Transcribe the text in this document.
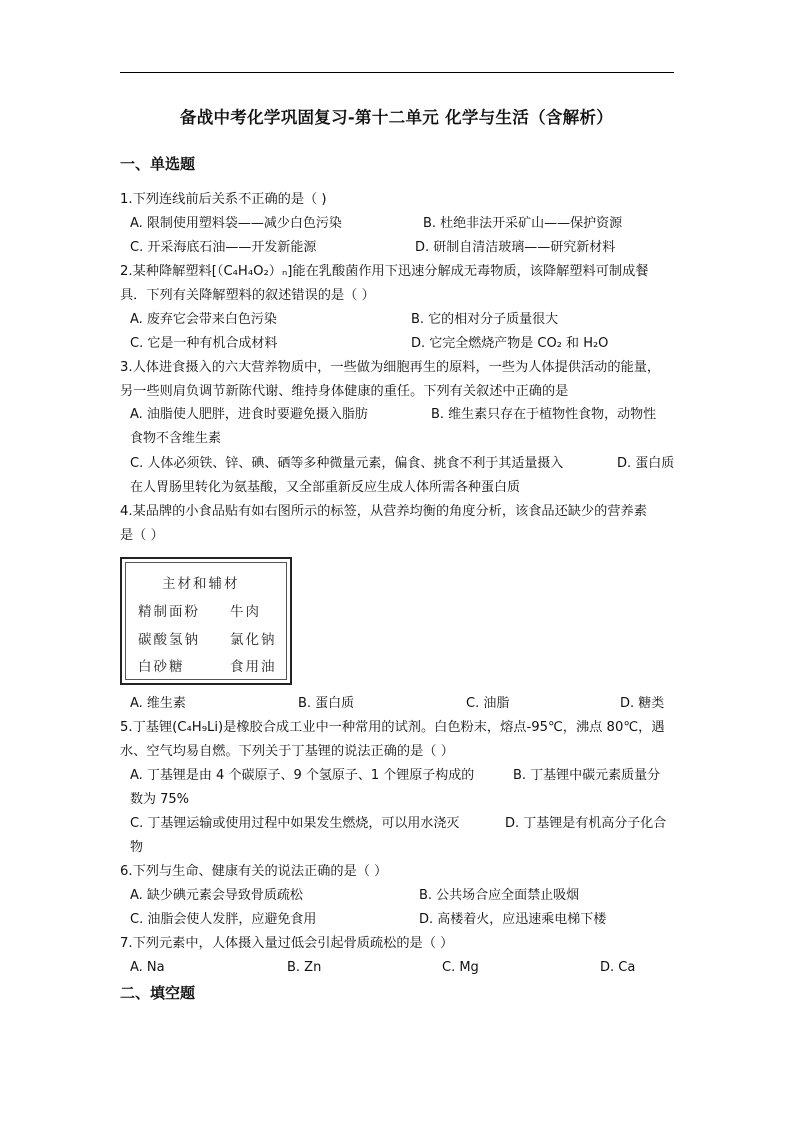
备战中考化学巩固复习-第十二单元 化学与生活（含解析）
一、单选题
1.下列连线前后关系不正确的是（ )
A. 限制使用塑料袋——减少白色污染	B. 杜绝非法开采矿山——保护资源
C. 开采海底石油——开发新能源	D. 研制自清洁玻璃——研究新材料
2.某种降解塑料[（C₄H₄O₂）ₙ]能在乳酸菌作用下迅速分解成无毒物质，该降解塑料可制成餐
具．下列有关降解塑料的叙述错误的是（ ）
A. 废弃它会带来白色污染	B. 它的相对分子质量很大
C. 它是一种有机合成材料	D. 它完全燃烧产物是 CO₂ 和 H₂O
3.人体进食摄入的六大营养物质中，一些做为细胞再生的原料，一些为人体提供活动的能量，
另一些则肩负调节新陈代谢、维持身体健康的重任。下列有关叙述中正确的是
A. 油脂使人肥胖，进食时要避免摄入脂肪	B. 维生素只存在于植物性食物，动物性
食物不含维生素
C. 人体必须铁、锌、碘、硒等多种微量元素，偏食、挑食不利于其适量摄入	D. 蛋白质
在人胃肠里转化为氨基酸，又全部重新反应生成人体所需各种蛋白质
4.某品牌的小食品贴有如右图所示的标签，从营养均衡的角度分析，该食品还缺少的营养素
是（ ）
主材和辅材
精制面粉 牛肉
碳酸氢钠 氯化钠
白砂糖	食用油
A. 维生素	B. 蛋白质	C. 油脂	D. 糖类
5.丁基锂(C₄H₉Li)是橡胶合成工业中一种常用的试剂。白色粉末，熔点-95℃，沸点 80℃，遇
水、空气均易自燃。下列关于丁基锂的说法正确的是（ ）
A. 丁基锂是由 4 个碳原子、9 个氢原子、1 个锂原子构成的	B. 丁基锂中碳元素质量分
数为 75%
C. 丁基锂运输或使用过程中如果发生燃烧，可以用水浇灭	D. 丁基锂是有机高分子化合
物
6.下列与生命、健康有关的说法正确的是（ ）
A. 缺少碘元素会导致骨质疏松	B. 公共场合应全面禁止吸烟
C. 油脂会使人发胖，应避免食用	D. 高楼着火，应迅速乘电梯下楼
7.下列元素中，人体摄入量过低会引起骨质疏松的是（ ）
A. Na	B. Zn	C. Mg	D. Ca
二、填空题
